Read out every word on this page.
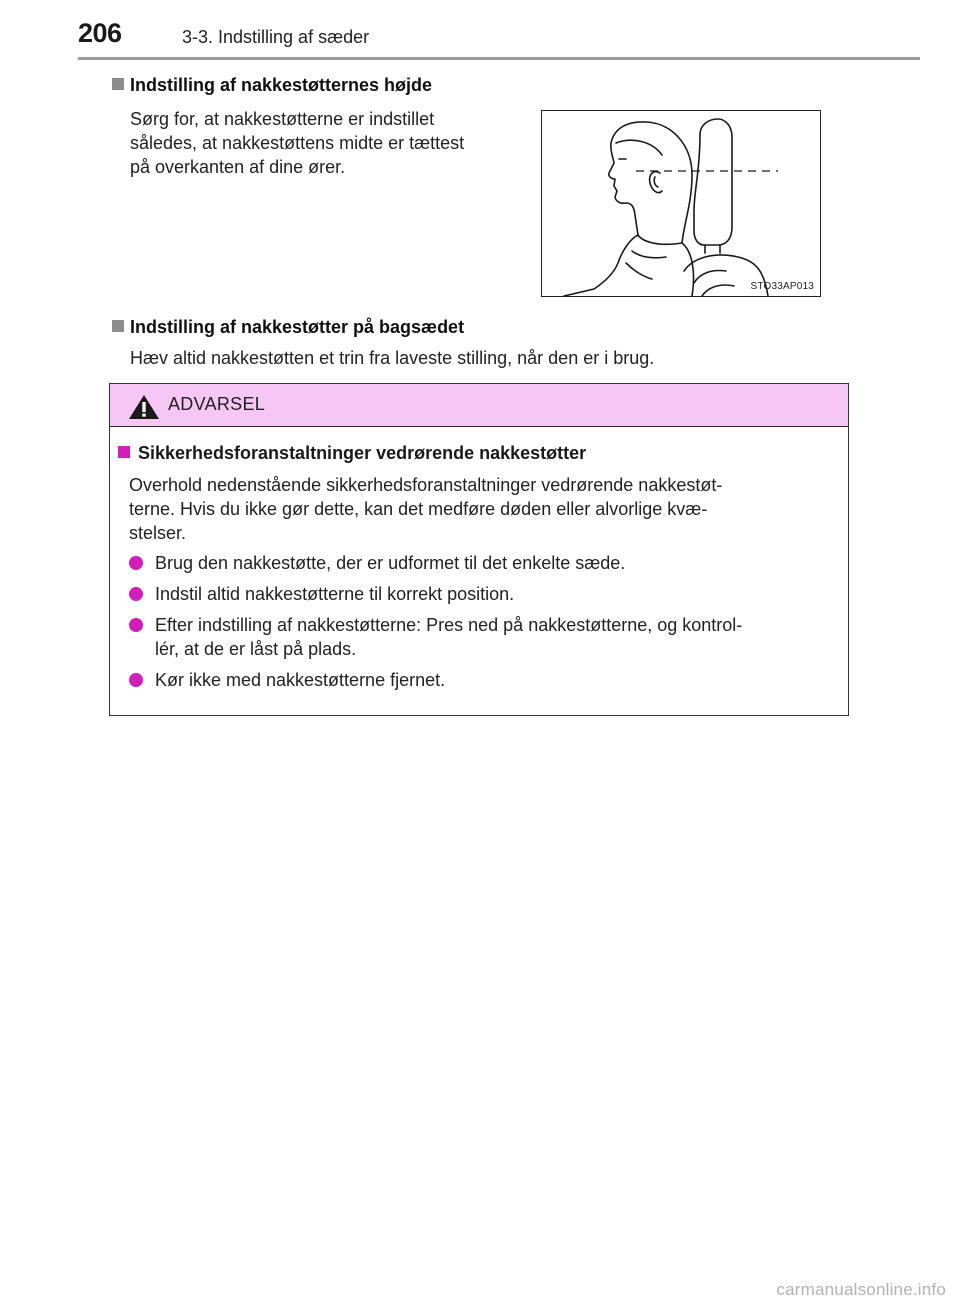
206	3-3. Indstilling af sæder
Indstilling af nakkestøtternes højde
Sørg for, at nakkestøtterne er indstillet
således, at nakkestøttens midte er tættest
på overkanten af dine ører.
STO33AP013
Indstilling af nakkestøtter på bagsædet
Hæv altid nakkestøtten et trin fra laveste stilling, når den er i brug.
ADVARSEL
Sikkerhedsforanstaltninger vedrørende nakkestøtter
Overhold nedenstående sikkerhedsforanstaltninger vedrørende nakkestøt-
terne. Hvis du ikke gør dette, kan det medføre døden eller alvorlige kvæ-
stelser.
Brug den nakkestøtte, der er udformet til det enkelte sæde.
Indstil altid nakkestøtterne til korrekt position.
Efter indstilling af nakkestøtterne: Pres ned på nakkestøtterne, og kontrol-
lér, at de er låst på plads.
Kør ikke med nakkestøtterne fjernet.
carmanualsonline.info
